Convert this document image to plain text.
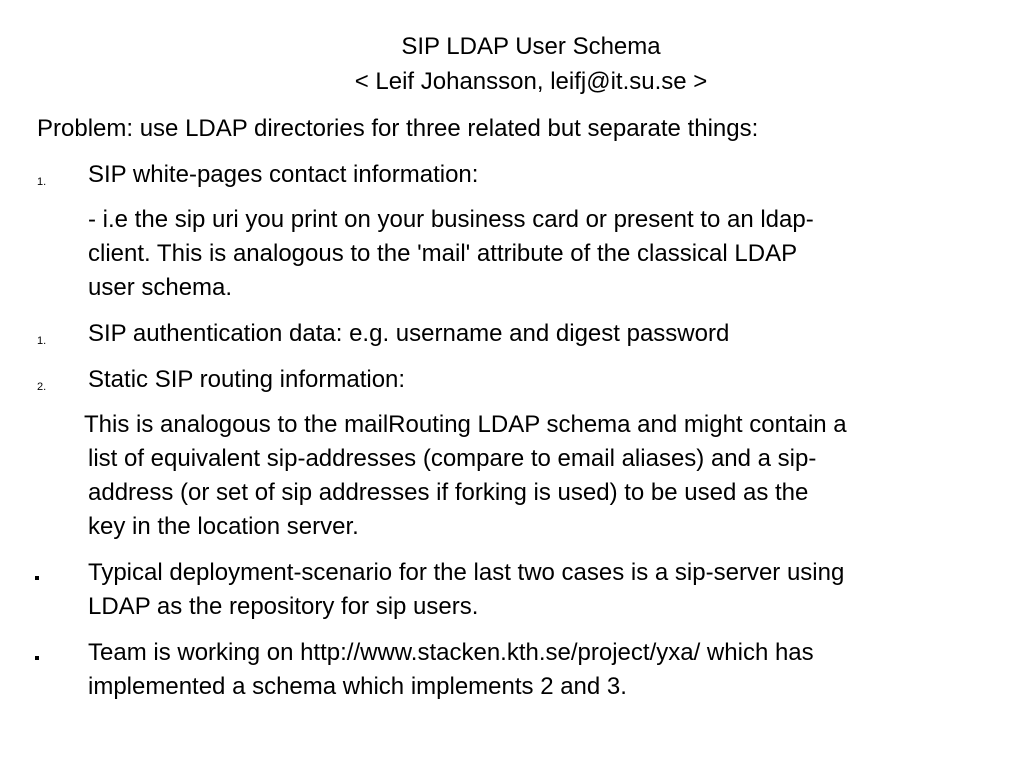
SIP LDAP User Schema
< Leif Johansson, leifj@it.su.se >
Problem: use LDAP directories for three related but separate things:
1. SIP white-pages contact information:
- i.e the sip uri you print on your business card or present to an ldap-
client. This is analogous to the 'mail' attribute of the classical LDAP
user schema.
1. SIP authentication data: e.g. username and digest password
2. Static SIP routing information:
This is analogous to the mailRouting LDAP schema and might contain a
list of equivalent sip-addresses (compare to email aliases) and a sip-
address (or set of sip addresses if forking is used) to be used as the
key in the location server.
Typical deployment-scenario for the last two cases is a sip-server using
LDAP as the repository for sip users.
Team is working on http://www.stacken.kth.se/project/yxa/ which has
implemented a schema which implements 2 and 3.
